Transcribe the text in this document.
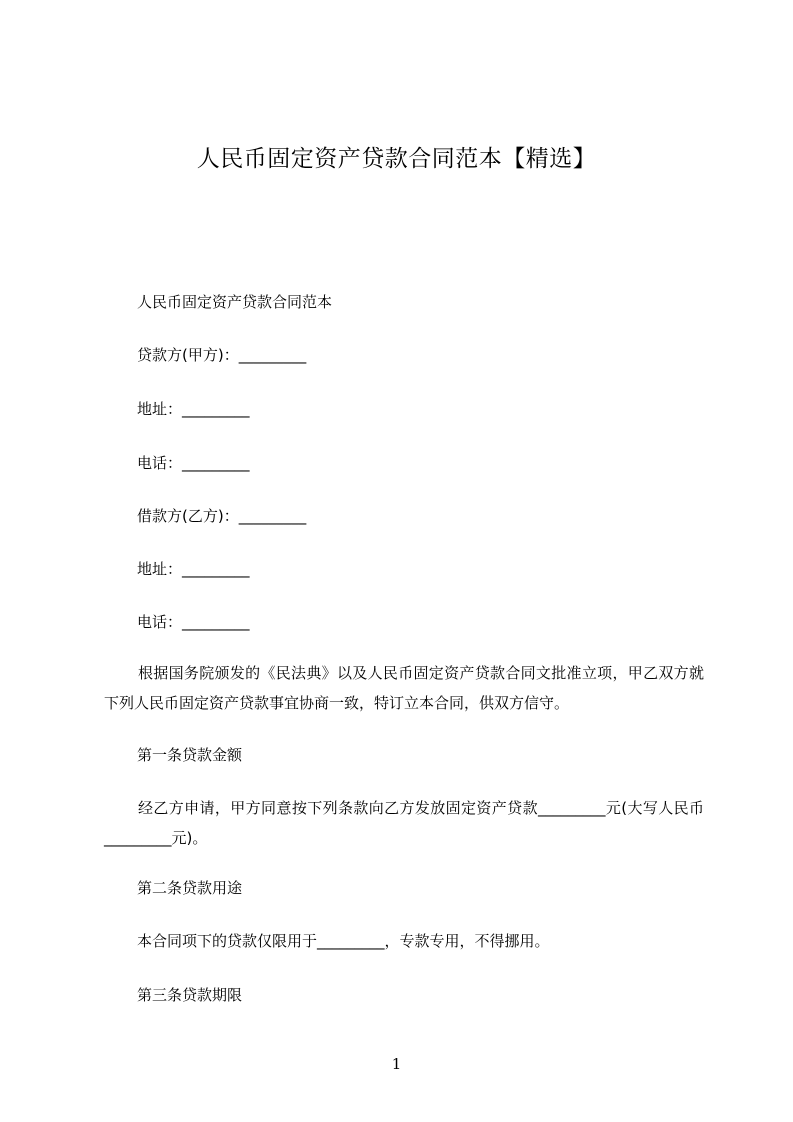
人民币固定资产贷款合同范本【精选】

人民币固定资产贷款合同范本

贷款方(甲方)：_________

地址：_________

电话：_________

借款方(乙方)：_________

地址：_________

电话：_________

根据国务院颁发的《民法典》以及人民币固定资产贷款合同文批准立项，甲乙双方就下列人民币固定资产贷款事宜协商一致，特订立本合同，供双方信守。

第一条贷款金额

经乙方申请，甲方同意按下列条款向乙方发放固定资产贷款_________元(大写人民币_________元)。

第二条贷款用途

本合同项下的贷款仅限用于_________，专款专用，不得挪用。

第三条贷款期限

1
